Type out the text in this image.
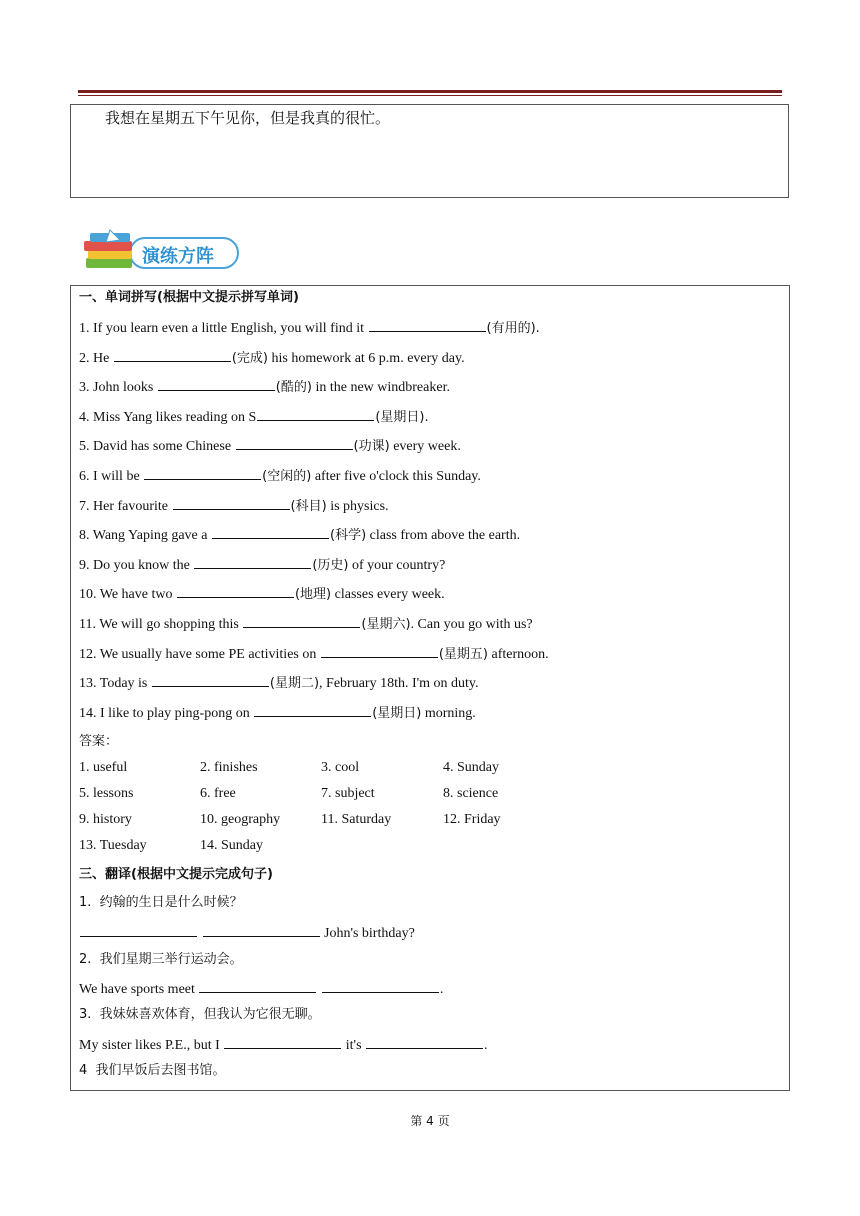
我想在星期五下午见你，但是我真的很忙。
演练方阵
一、单词拼写(根据中文提示拼写单词)
1. If you learn even a little English, you will find it	(有用的).
2. He	(完成) his homework at 6 p.m. every day.
3. John looks	(酷的) in the new windbreaker.
4. Miss Yang likes reading on S	(星期日).
5. David has some Chinese	(功课) every week.
6. I will be	(空闲的) after five o'clock this Sunday.
7. Her favourite	(科目) is physics.
8. Wang Yaping gave a	(科学) class from above the earth.
9. Do you know the	(历史) of your country?
10. We have two	(地理) classes every week.
11. We will go shopping this	(星期六). Can you go with us?
12. We usually have some PE activities on	(星期五) afternoon.
13. Today is	(星期二), February 18th. I'm on duty.
14. I like to play ping-pong on	(星期日) morning.
答案：
1. useful	2. finishes	3. cool	4. Sunday
5. lessons	6. free	7. subject	8. science
9. history	10. geography	11. Saturday	12. Friday
13. Tuesday	14. Sunday
三、翻译(根据中文提示完成句子)
1.  约翰的生日是什么时候？
John's birthday?
2.  我们星期三举行运动会。
We have sports meet	.
3.  我妹妹喜欢体育，但我认为它很无聊。
My sister likes P.E., but I	it's	.
4  我们早饭后去图书馆。
第 4 页
